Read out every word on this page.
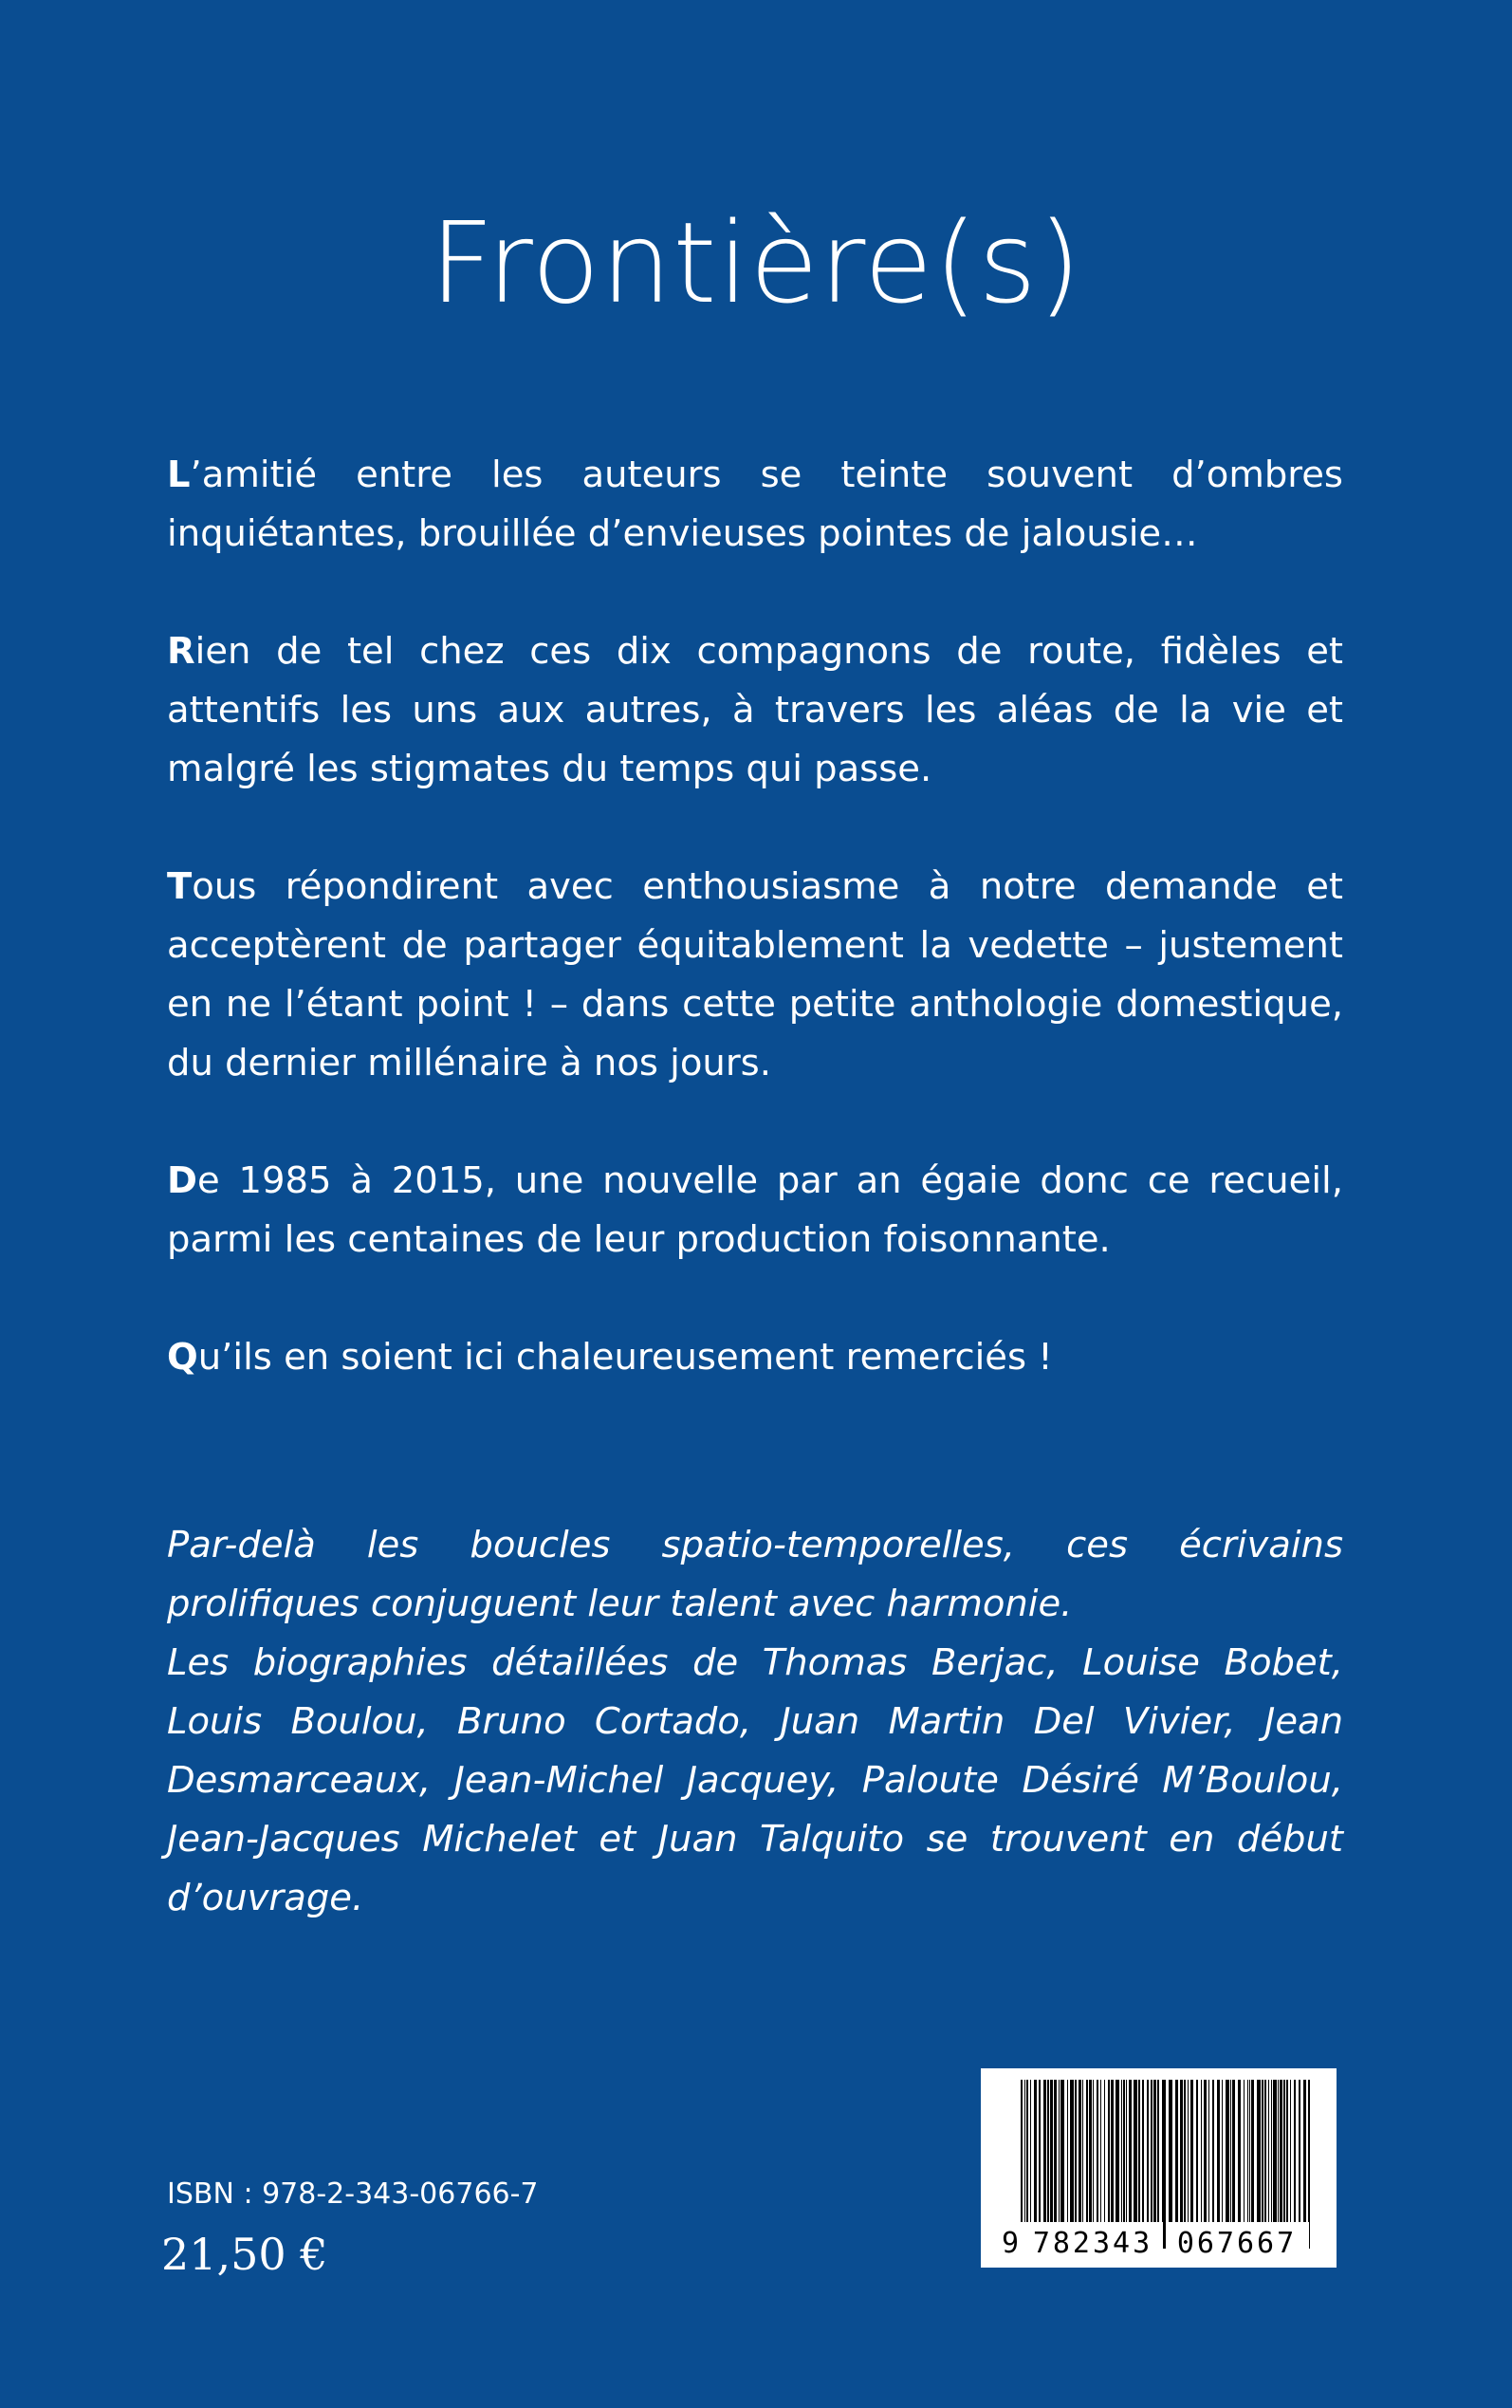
Frontière(s)

L’amitié entre les auteurs se teinte souvent d’ombres inquiétantes, brouillée d’envieuses pointes de jalousie…

Rien de tel chez ces dix compagnons de route, fidèles et attentifs les uns aux autres, à travers les aléas de la vie et malgré les stigmates du temps qui passe.

Tous répondirent avec enthousiasme à notre demande et acceptèrent de partager équitablement la vedette – justement en ne l’étant point ! – dans cette petite anthologie domestique, du dernier millénaire à nos jours.

De 1985 à 2015, une nouvelle par an égaie donc ce recueil, parmi les centaines de leur production foisonnante.

Qu’ils en soient ici chaleureusement remerciés !

Par-delà les boucles spatio-temporelles, ces écrivains prolifiques conjuguent leur talent avec harmonie.

Les biographies détaillées de Thomas Berjac, Louise Bobet, Louis Boulou, Bruno Cortado, Juan Martin Del Vivier, Jean Desmarceaux, Jean-Michel Jacquey, Paloute Désiré M’Boulou, Jean-Jacques Michelet et Juan Talquito se trouvent en début d’ouvrage.

ISBN : 978-2-343-06766-7
21,50 €	9 782343 067667
